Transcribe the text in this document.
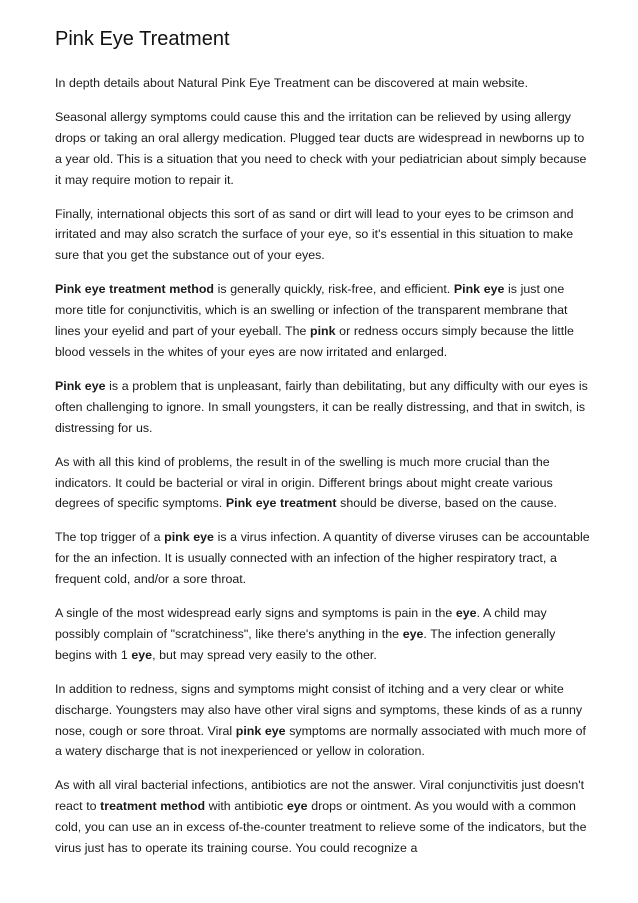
Pink Eye Treatment

In depth details about Natural Pink Eye Treatment can be discovered at main website.

Seasonal allergy symptoms could cause this and the irritation can be relieved by using allergy drops or taking an oral allergy medication. Plugged tear ducts are widespread in newborns up to a year old. This is a situation that you need to check with your pediatrician about simply because it may require motion to repair it.

Finally, international objects this sort of as sand or dirt will lead to your eyes to be crimson and irritated and may also scratch the surface of your eye, so it's essential in this situation to make sure that you get the substance out of your eyes.

Pink eye treatment method is generally quickly, risk-free, and efficient. Pink eye is just one more title for conjunctivitis, which is an swelling or infection of the transparent membrane that lines your eyelid and part of your eyeball. The pink or redness occurs simply because the little blood vessels in the whites of your eyes are now irritated and enlarged.

Pink eye is a problem that is unpleasant, fairly than debilitating, but any difficulty with our eyes is often challenging to ignore. In small youngsters, it can be really distressing, and that in switch, is distressing for us.

As with all this kind of problems, the result in of the swelling is much more crucial than the indicators. It could be bacterial or viral in origin. Different brings about might create various degrees of specific symptoms. Pink eye treatment should be diverse, based on the cause.

The top trigger of a pink eye is a virus infection. A quantity of diverse viruses can be accountable for the an infection. It is usually connected with an infection of the higher respiratory tract, a frequent cold, and/or a sore throat.

A single of the most widespread early signs and symptoms is pain in the eye. A child may possibly complain of "scratchiness", like there's anything in the eye. The infection generally begins with 1 eye, but may spread very easily to the other.

In addition to redness, signs and symptoms might consist of itching and a very clear or white discharge. Youngsters may also have other viral signs and symptoms, these kinds of as a runny nose, cough or sore throat. Viral pink eye symptoms are normally associated with much more of a watery discharge that is not inexperienced or yellow in coloration.

As with all viral bacterial infections, antibiotics are not the answer. Viral conjunctivitis just doesn't react to treatment method with antibiotic eye drops or ointment. As you would with a common cold, you can use an in excess of-the-counter treatment to relieve some of the indicators, but the virus just has to operate its training course. You could recognize a
